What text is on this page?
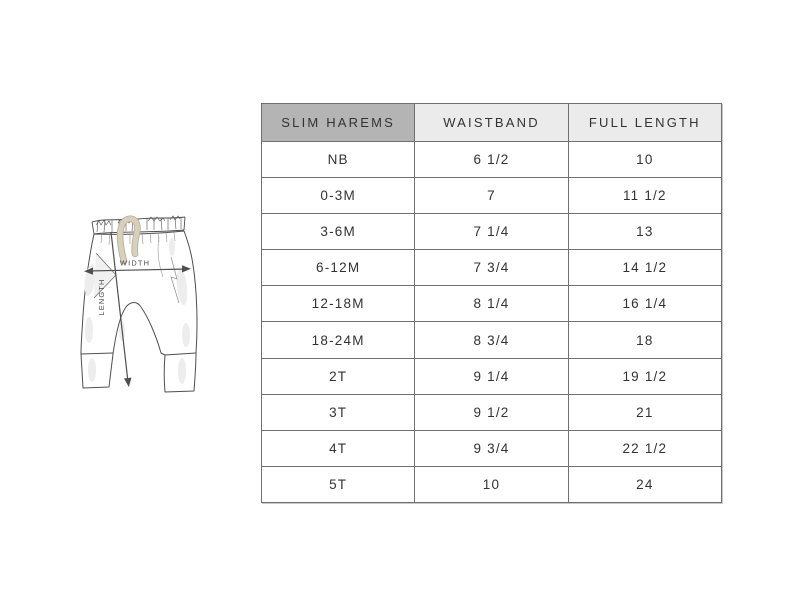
WIDTH
LENGTH
SLIM HAREMS	WAISTBAND	FULL LENGTH
NB	6 1/2	10
0-3M	7	11 1/2
3-6M	7 1/4	13
6-12M	7 3/4	14 1/2
12-18M	8 1/4	16 1/4
18-24M	8 3/4	18
2T	9 1/4	19 1/2
3T	9 1/2	21
4T	9 3/4	22 1/2
5T	10	24
